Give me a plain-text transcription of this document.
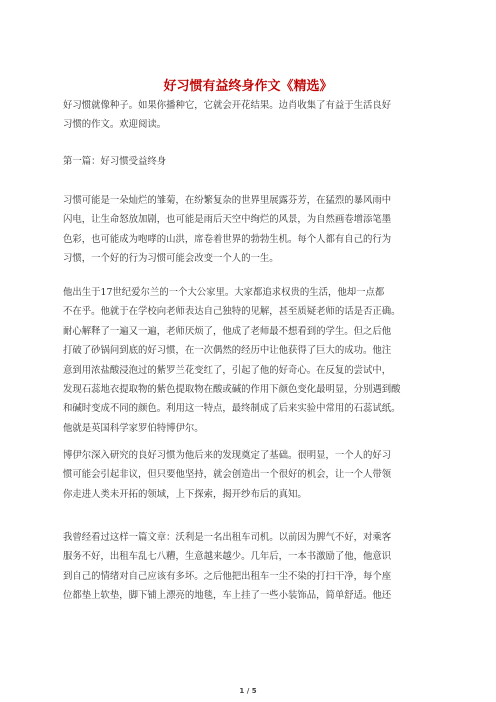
好习惯有益终身作文《精选》

好习惯就像种子。如果你播种它，它就会开花结果。边肖收集了有益于生活良好
习惯的作文。欢迎阅读。

第一篇：好习惯受益终身

习惯可能是一朵灿烂的雏菊，在纷繁复杂的世界里展露芬芳，在猛烈的暴风雨中
闪电，让生命怒放加剧，也可能是雨后天空中绚烂的风景，为自然画卷增添笔墨
色彩，也可能成为咆哮的山洪，席卷着世界的勃勃生机。每个人都有自己的行为
习惯，一个好的行为习惯可能会改变一个人的一生。

他出生于17世纪爱尔兰的一个大公家里。大家都追求权贵的生活，他却一点都
不在乎。他就于在学校向老师表达自己独特的见解，甚至质疑老师的话是否正确。
耐心解释了一遍又一遍，老师厌烦了，他成了老师最不想看到的学生。但之后他
打破了砂锅问到底的好习惯，在一次偶然的经历中让他获得了巨大的成功。他注
意到用浓盐酸浸泡过的紫罗兰花变红了，引起了他的好奇心。在反复的尝试中，
发现石蕊地衣提取物的紫色提取物在酸或碱的作用下颜色变化最明显，分别遇到酸
和碱时变成不同的颜色。利用这一特点，最终制成了后来实验中常用的石蕊试纸。
他就是英国科学家罗伯特博伊尔。

博伊尔深入研究的良好习惯为他后来的发现奠定了基础。很明显，一个人的好习
惯可能会引起非议，但只要他坚持，就会创造出一个很好的机会，让一个人带领
你走进人类未开拓的领域，上下探索，揭开纱布后的真知。

我曾经看过这样一篇文章：沃利是一名出租车司机。以前因为脾气不好，对乘客
服务不好，出租车乱七八糟，生意越来越少。几年后，一本书激励了他，他意识
到自己的情绪对自己应该有多坏。之后他把出租车一尘不染的打扫干净，每个座
位都垫上软垫，脚下铺上漂亮的地毯，车上挂了一些小装饰品，简单舒适。他还

1 / 5
